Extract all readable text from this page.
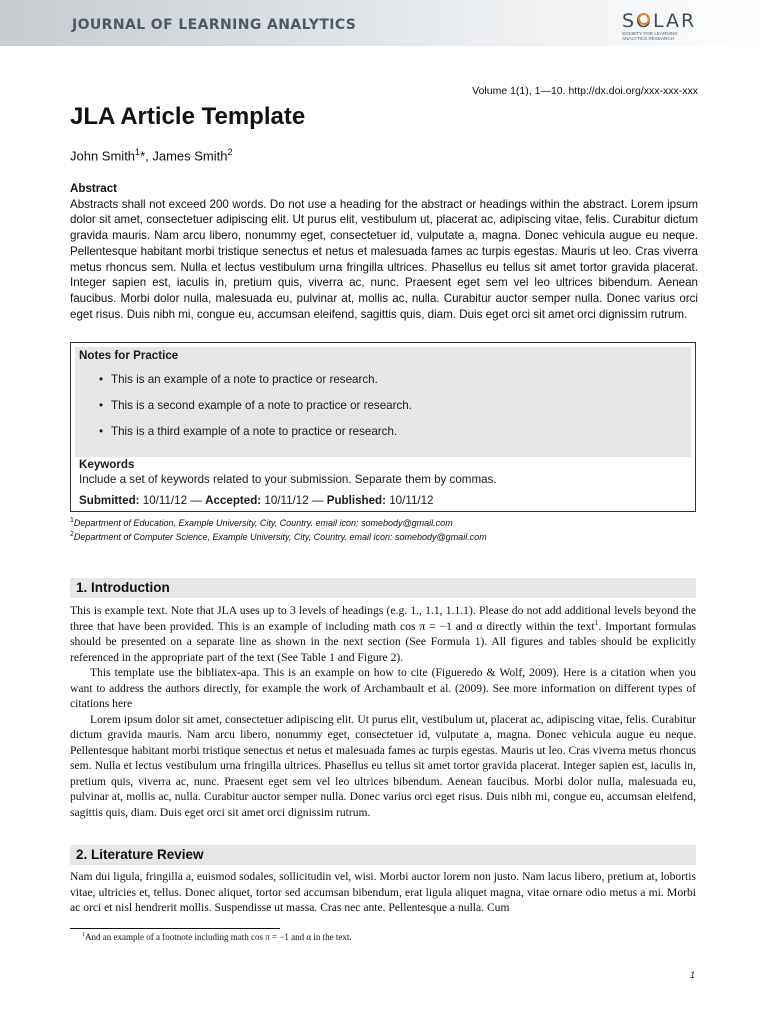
JOURNAL OF LEARNING ANALYTICS	SOLAR
SOCIETY FOR LEARNING ANALYTICS RESEARCH
Volume 1(1), 1—10. http://dx.doi.org/xxx-xxx-xxx
JLA Article Template
John Smith$^1$*, James Smith$^2$
Abstract

Abstracts shall not exceed 200 words. Do not use a heading for the abstract or headings within the abstract. Lorem ipsum dolor sit amet, consectetuer adipiscing elit. Ut purus elit, vestibulum ut, placerat ac, adipiscing vitae, felis. Curabitur dictum gravida mauris. Nam arcu libero, nonummy eget, consectetuer id, vulputate a, magna. Donec vehicula augue eu neque. Pellentesque habitant morbi tristique senectus et netus et malesuada fames ac turpis egestas. Mauris ut leo. Cras viverra metus rhoncus sem. Nulla et lectus vestibulum urna fringilla ultrices. Phasellus eu tellus sit amet tortor gravida placerat. Integer sapien est, iaculis in, pretium quis, viverra ac, nunc. Praesent eget sem vel leo ultrices bibendum. Aenean faucibus. Morbi dolor nulla, malesuada eu, pulvinar at, mollis ac, nulla. Curabitur auctor semper nulla. Donec varius orci eget risus. Duis nibh mi, congue eu, accumsan eleifend, sagittis quis, diam. Duis eget orci sit amet orci dignissim rutrum.

Notes for Practice
• This is an example of a note to practice or research.
• This is a second example of a note to practice or research.
• This is a third example of a note to practice or research.
Keywords
Include a set of keywords related to your submission. Separate them by commas.
Submitted: 10/11/12 — Accepted: 10/11/12 — Published: 10/11/12
$^1$Department of Education, Example University, City, Country. email icon: somebody@gmail.com
$^2$Department of Computer Science, Example University, City, Country. email icon: somebody@gmail.com
1. Introduction

This is example text. Note that JLA uses up to 3 levels of headings (e.g. 1., 1.1, 1.1.1). Please do not add additional levels beyond the three that have been provided. This is an example of including math cos π = −1 and α directly within the text$^1$. Important formulas should be presented on a separate line as shown in the next section (See Formula 1). All figures and tables should be explicitly referenced in the appropriate part of the text (See Table 1 and Figure 2).

This template use the bibliatex-apa. This is an example on how to cite (Figueredo & Wolf, 2009). Here is a citation when you want to address the authors directly, for example the work of Archambault et al. (2009). See more information on different types of citations here

Lorem ipsum dolor sit amet, consectetuer adipiscing elit. Ut purus elit, vestibulum ut, placerat ac, adipiscing vitae, felis. Curabitur dictum gravida mauris. Nam arcu libero, nonummy eget, consectetuer id, vulputate a, magna. Donec vehicula augue eu neque. Pellentesque habitant morbi tristique senectus et netus et malesuada fames ac turpis egestas. Mauris ut leo. Cras viverra metus rhoncus sem. Nulla et lectus vestibulum urna fringilla ultrices. Phasellus eu tellus sit amet tortor gravida placerat. Integer sapien est, iaculis in, pretium quis, viverra ac, nunc. Praesent eget sem vel leo ultrices bibendum. Aenean faucibus. Morbi dolor nulla, malesuada eu, pulvinar at, mollis ac, nulla. Curabitur auctor semper nulla. Donec varius orci eget risus. Duis nibh mi, congue eu, accumsan eleifend, sagittis quis, diam. Duis eget orci sit amet orci dignissim rutrum.

2. Literature Review

Nam dui ligula, fringilla a, euismod sodales, sollicitudin vel, wisi. Morbi auctor lorem non justo. Nam lacus libero, pretium at, lobortis vitae, ultricies et, tellus. Donec aliquet, tortor sed accumsan bibendum, erat ligula aliquet magna, vitae ornare odio metus a mi. Morbi ac orci et nisl hendrerit mollis. Suspendisse ut massa. Cras nec ante. Pellentesque a nulla. Cum

$^1$And an example of a footnote including math cos π = −1 and α in the text.
1
